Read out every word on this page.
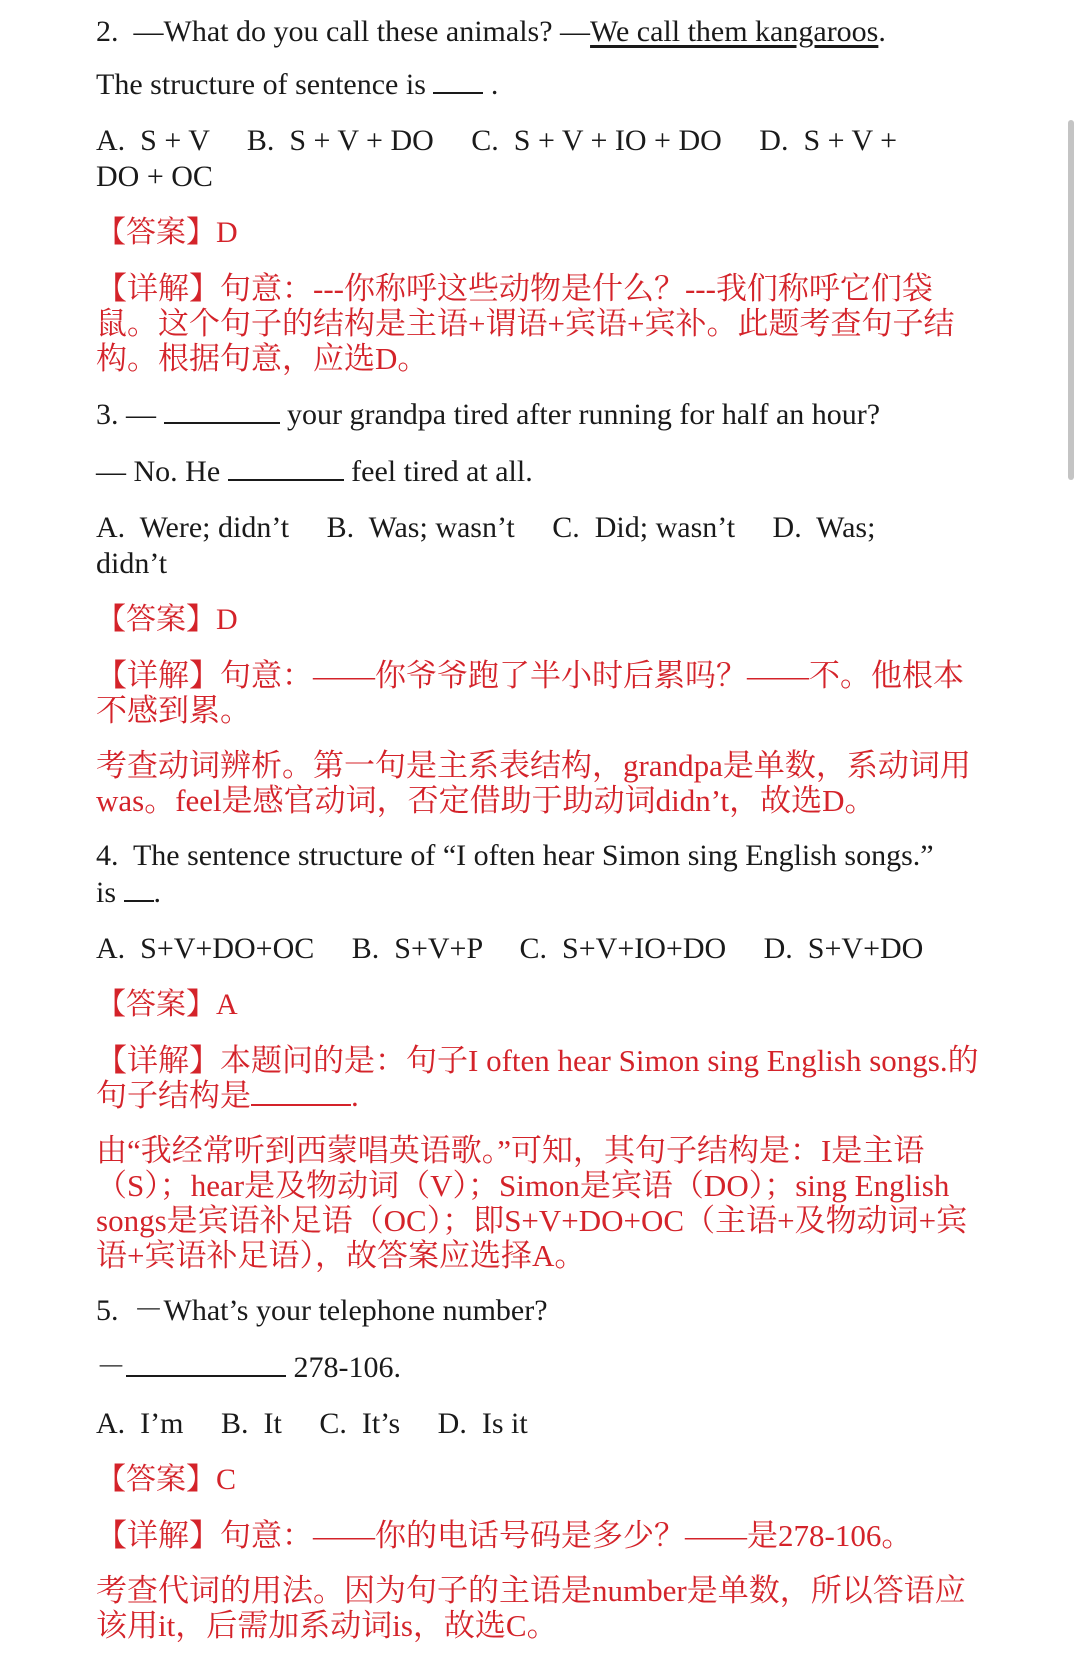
2. —What do you call these animals? —We call them kangaroos.
The structure of sentence is  .
A.  S + V     B.  S + V + DO     C.  S + V + IO + DO     D.  S + V +
DO + OC
【答案】D
【详解】句意：---你称呼这些动物是什么？---我们称呼它们袋鼠。这个句子的结构是主语+谓语+宾语+宾补。此题考查句子结构。根据句意，应选D。
3. —	your grandpa tired after running for half an hour?
— No. He	feel tired at all.
A.  Were; didn’t     B.  Was; wasn’t     C.  Did; wasn’t     D.  Was;
didn’t
【答案】D
【详解】句意：——你爷爷跑了半小时后累吗？——不。他根本不感到累。
考查动词辨析。第一句是主系表结构，grandpa是单数，系动词用was。feel是感官动词，否定借助于助动词didn’t，故选D。
4. The sentence structure of “I often hear Simon sing English songs.”
is .
A.  S+V+DO+OC     B.  S+V+P     C.  S+V+IO+DO     D.  S+V+DO
【答案】A
【详解】本题问的是：句子I often hear Simon sing English songs.的句子结构是	.
由“我经常听到西蒙唱英语歌。”可知，其句子结构是：I是主语（S）；hear是及物动词（V）；Simon是宾语（DO）；sing English songs是宾语补足语（OC）；即S+V+DO+OC（主语+及物动词+宾语+宾语补足语），故答案应选择A。
5. －What’s your telephone number?
－	278-106.
A.  I’m     B.  It     C.  It’s     D.  Is it
【答案】C
【详解】句意：——你的电话号码是多少？——是278-106。
考查代词的用法。因为句子的主语是number是单数，所以答语应该用it，后需加系动词is，故选C。
